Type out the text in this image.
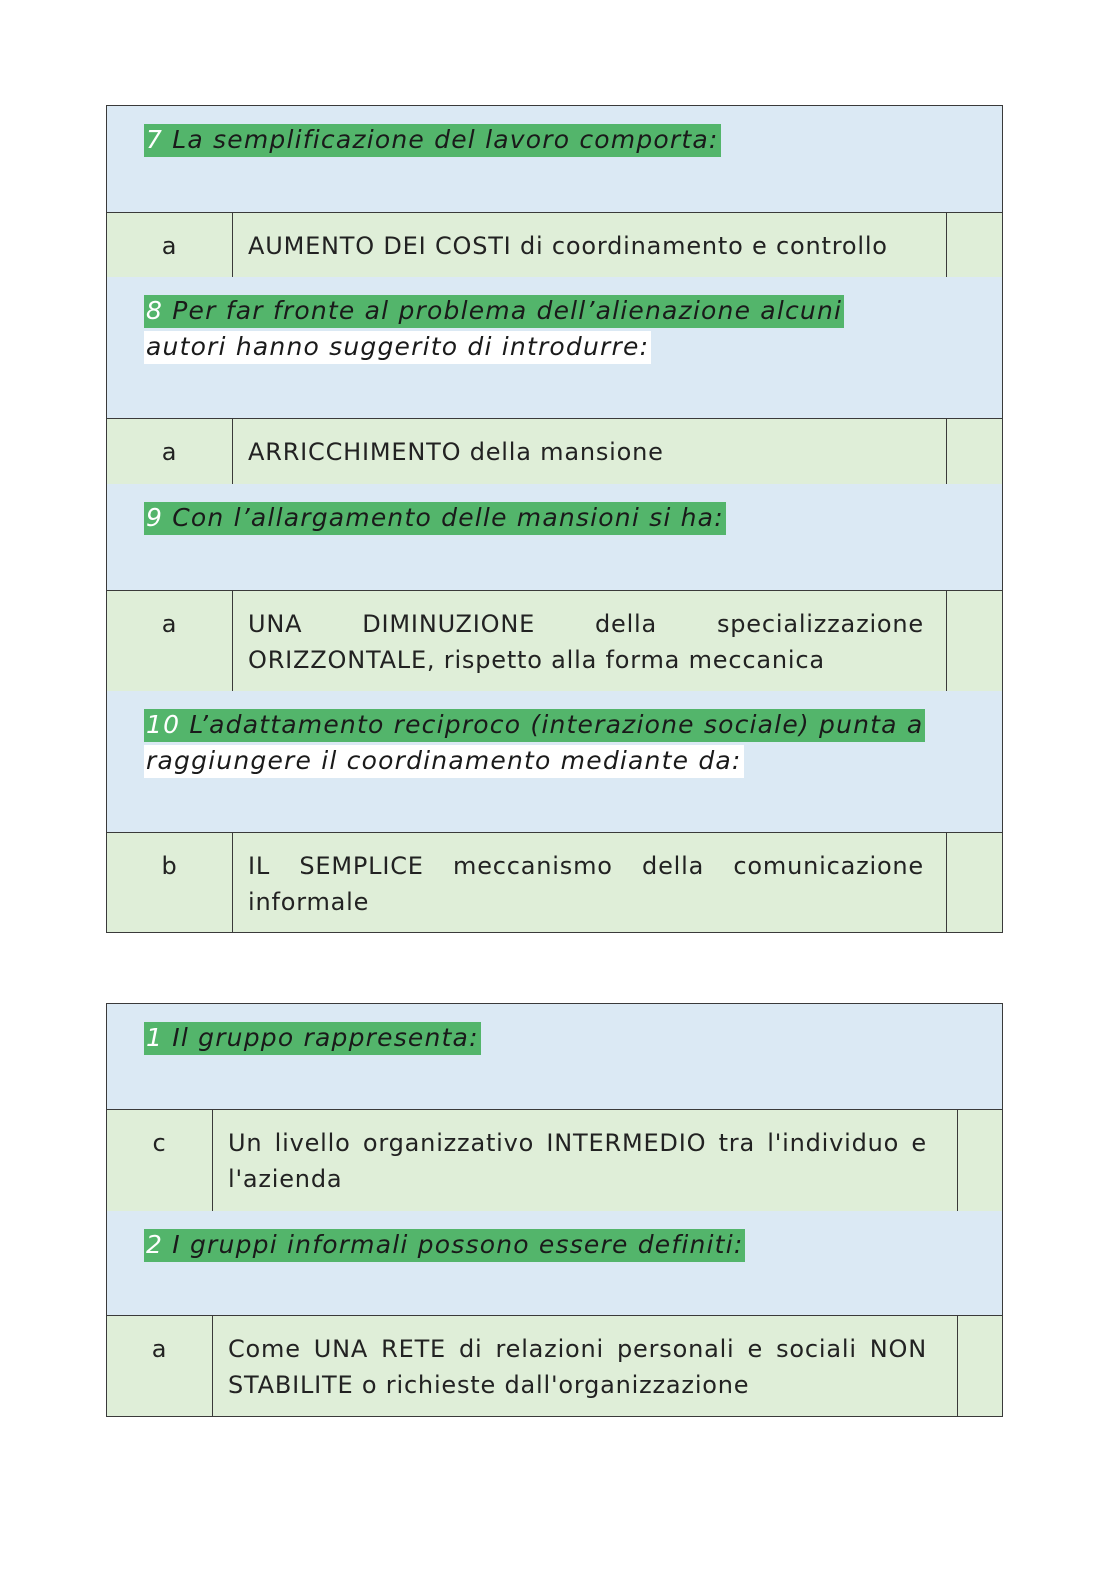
7 La semplificazione del lavoro comporta:
a	AUMENTO DEI COSTI di coordinamento e controllo
8 Per far fronte al problema dell’alienazione alcuni
autori hanno suggerito di introdurre:
a	ARRICCHIMENTO della mansione
9 Con l’allargamento delle mansioni si ha:
a	UNA DIMINUZIONE della specializzazione ORIZZONTALE, rispetto alla forma meccanica
10 L’adattamento reciproco (interazione sociale) punta a
raggiungere il coordinamento mediante da:
b	IL SEMPLICE meccanismo della comunicazione informale
1 Il gruppo rappresenta:
c	Un livello organizzativo INTERMEDIO tra l'individuo e l'azienda
2 I gruppi informali possono essere definiti:
a	Come UNA RETE di relazioni personali e sociali NON STABILITE o richieste dall'organizzazione
